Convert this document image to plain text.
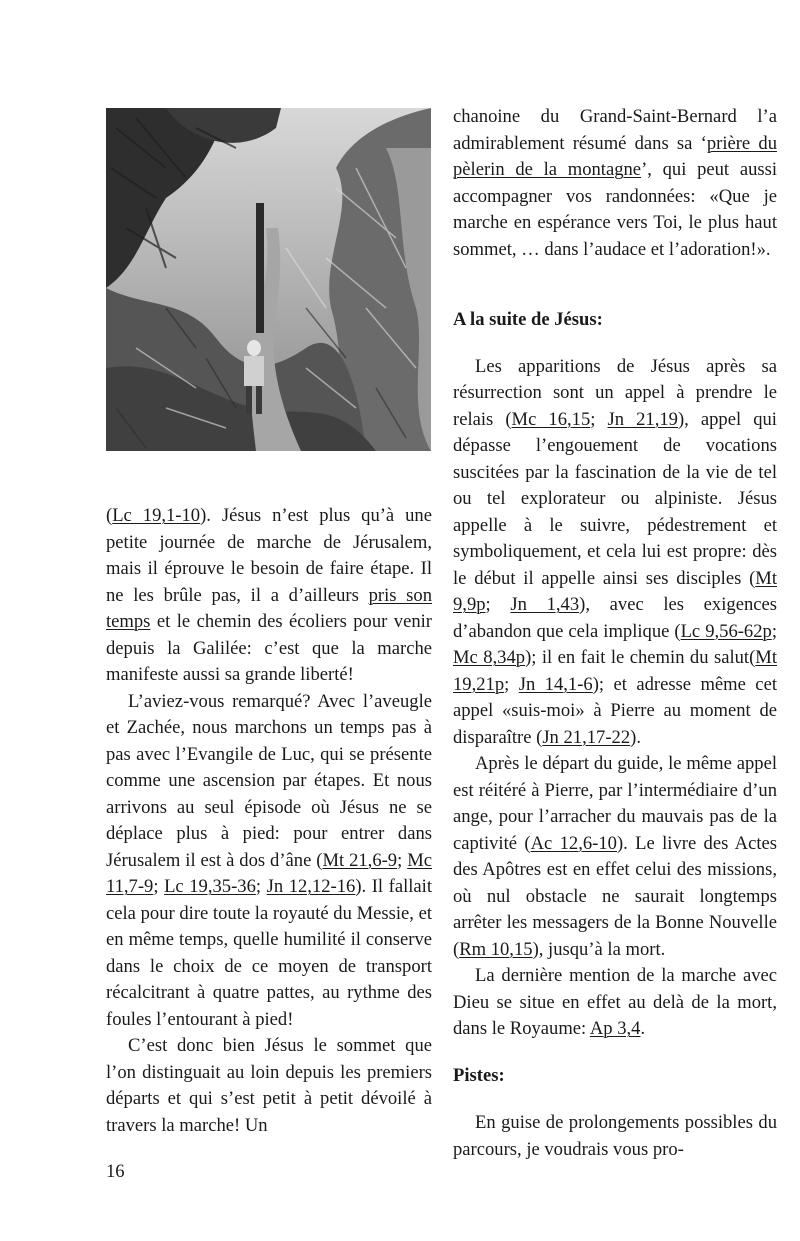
(Lc 19,1-10). Jésus n’est plus qu’à une petite journée de marche de Jérusalem, mais il éprouve le besoin de faire étape. Il ne les brûle pas, il a d’ailleurs pris son temps et le chemin des écoliers pour venir depuis la Galilée: c’est que la marche manifeste aussi sa grande liberté!

L’aviez-vous remarqué? Avec l’aveugle et Zachée, nous marchons un temps pas à pas avec l’Evangile de Luc, qui se présente comme une ascension par étapes. Et nous arrivons au seul épisode où Jésus ne se déplace plus à pied: pour entrer dans Jérusalem il est à dos d’âne (Mt 21,6-9; Mc 11,7-9; Lc 19,35-36; Jn 12,12-16). Il fallait cela pour dire toute la royauté du Messie, et en même temps, quelle humilité il conserve dans le choix de ce moyen de transport récalcitrant à quatre pattes, au rythme des foules l’entourant à pied!

C’est donc bien Jésus le sommet que l’on distinguait au loin depuis les premiers départs et qui s’est petit à petit dévoilé à travers la marche! Un

chanoine du Grand-Saint-Bernard l’a admirablement résumé dans sa ‘prière du pèlerin de la montagne’, qui peut aussi accompagner vos randonnées: «Que je marche en espérance vers Toi, le plus haut sommet, … dans l’audace et l’adoration!».

A la suite de Jésus:

Les apparitions de Jésus après sa résurrection sont un appel à prendre le relais (Mc 16,15; Jn 21,19), appel qui dépasse l’engouement de vocations suscitées par la fascination de la vie de tel ou tel explorateur ou alpiniste. Jésus appelle à le suivre, pédestrement et symboliquement, et cela lui est propre: dès le début il appelle ainsi ses disciples (Mt 9,9p; Jn 1,43), avec les exigences d’abandon que cela implique (Lc 9,56-62p; Mc 8,34p); il en fait le chemin du salut(Mt 19,21p; Jn 14,1-6); et adresse même cet appel «suis-moi» à Pierre au moment de disparaître (Jn 21,17-22).

Après le départ du guide, le même appel est réitéré à Pierre, par l’intermédiaire d’un ange, pour l’arracher du mauvais pas de la captivité (Ac 12,6-10). Le livre des Actes des Apôtres est en effet celui des missions, où nul obstacle ne saurait longtemps arrêter les messagers de la Bonne Nouvelle (Rm 10,15), jusqu’à la mort.

La dernière mention de la marche avec Dieu se situe en effet au delà de la mort, dans le Royaume: Ap 3,4.

Pistes:

En guise de prolongements possibles du parcours, je voudrais vous pro-

16
